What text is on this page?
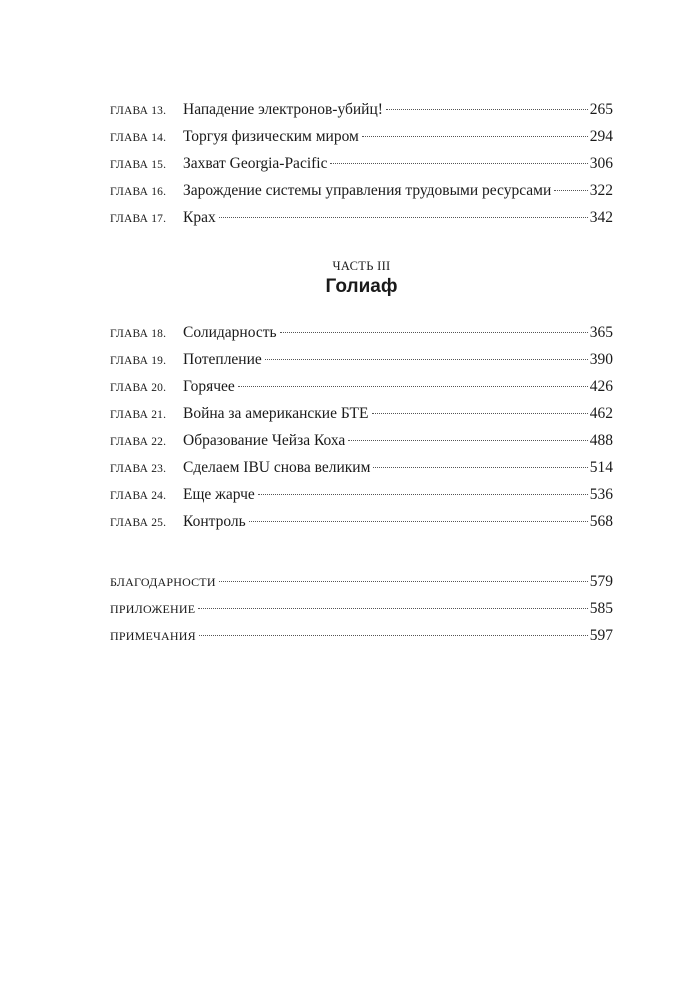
ГЛАВА 13.	Нападение электронов-убийц!	265
ГЛАВА 14.	Торгуя физическим миром	294
ГЛАВА 15.	Захват Georgia-Pacific	306
ГЛАВА 16.	Зарождение системы управления трудовыми ресурсами 322
ГЛАВА 17.	Крах	342
ЧАСТЬ III
Голиаф
ГЛАВА 18.	Солидарность	365
ГЛАВА 19.	Потепление	390
ГЛАВА 20.	Горячее	426
ГЛАВА 21.	Война за американские БТЕ	462
ГЛАВА 22.	Образование Чейза Коха	488
ГЛАВА 23.	Сделаем IBU снова великим	514
ГЛАВА 24.	Еще жарче	536
ГЛАВА 25.	Контроль	568
БЛАГОДАРНОСТИ	579
ПРИЛОЖЕНИЕ	585
ПРИМЕЧАНИЯ	597
